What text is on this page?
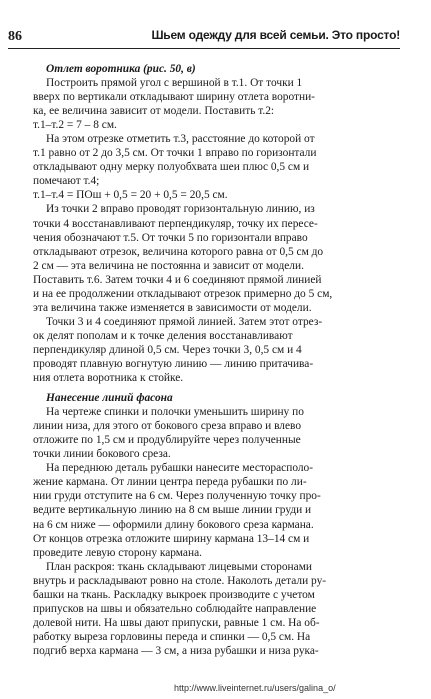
86	Шьем одежду для всей семьи. Это просто!
Отлет воротника (рис. 50, в)
Построить прямой угол с вершиной в т.1. От точки 1
вверх по вертикали откладывают ширину отлета воротни-
ка, ее величина зависит от модели. Поставить т.2:
т.1–т.2 = 7 – 8 см.
На этом отрезке отметить т.3, расстояние до которой от
т.1 равно от 2 до 3,5 см. От точки 1 вправо по горизонтали
откладывают одну мерку полуобхвата шеи плюс 0,5 см и
помечают т.4;
т.1–т.4 = ПОш + 0,5 = 20 + 0,5 = 20,5 см.
Из точки 2 вправо проводят горизонтальную линию, из
точки 4 восстанавливают перпендикуляр, точку их пересе-
чения обозначают т.5. От точки 5 по горизонтали вправо
откладывают отрезок, величина которого равна от 0,5 см до
2 см — эта величина не постоянна и зависит от модели.
Поставить т.6. Затем точки 4 и 6 соединяют прямой линией
и на ее продолжении откладывают отрезок примерно до 5 см,
эта величина также изменяется в зависимости от модели.
Точки 3 и 4 соединяют прямой линией. Затем этот отрез-
ок делят пополам и к точке деления восстанавливают
перпендикуляр длиной 0,5 см. Через точки 3, 0,5 см и 4
проводят плавную вогнутую линию — линию притачива-
ния отлета воротника к стойке.
Нанесение линий фасона
На чертеже спинки и полочки уменьшить ширину по
линии низа, для этого от бокового среза вправо и влево
отложите по 1,5 см и продублируйте через полученные
точки линии бокового среза.
На переднюю деталь рубашки нанесите месторасполо-
жение кармана. От линии центра переда рубашки по ли-
нии груди отступите на 6 см. Через полученную точку про-
ведите вертикальную линию на 8 см выше линии груди и
на 6 см ниже — оформили длину бокового среза кармана.
От концов отрезка отложите ширину кармана 13–14 см и
проведите левую сторону кармана.
План раскроя: ткань складывают лицевыми сторонами
внутрь и раскладывают ровно на столе. Наколоть детали ру-
башки на ткань. Раскладку выкроек производите с учетом
припусков на швы и обязательно соблюдайте направление
долевой нити. На швы дают припуски, равные 1 см. На об-
работку выреза горловины переда и спинки — 0,5 см. На
подгиб верха кармана — 3 см, а низа рубашки и низа рука-
http://www.liveinternet.ru/users/galina_o/
